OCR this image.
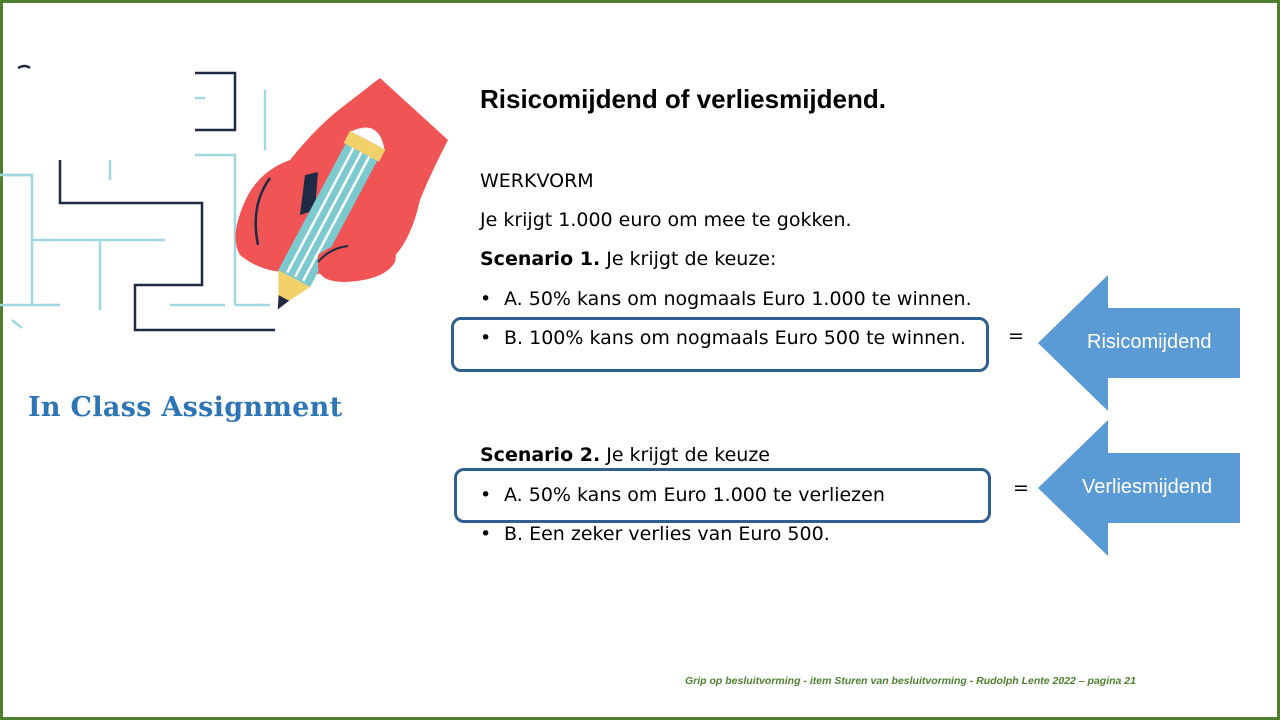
In Class Assignment
Risicomijdend of verliesmijdend.
WERKVORM
Je krijgt 1.000 euro om mee te gokken.
Scenario 1. Je krijgt de keuze:
• A. 50% kans om nogmaals Euro 1.000 te winnen.
• B. 100% kans om nogmaals Euro 500 te winnen. =	Risicomijdend
Scenario 2. Je krijgt de keuze
• A. 50% kans om Euro 1.000 te verliezen
• B. Een zeker verlies van Euro 500.
=	Verliesmijdend
Grip op besluitvorming - item Sturen van besluitvorming - Rudolph Lente 2022 – pagina 21
